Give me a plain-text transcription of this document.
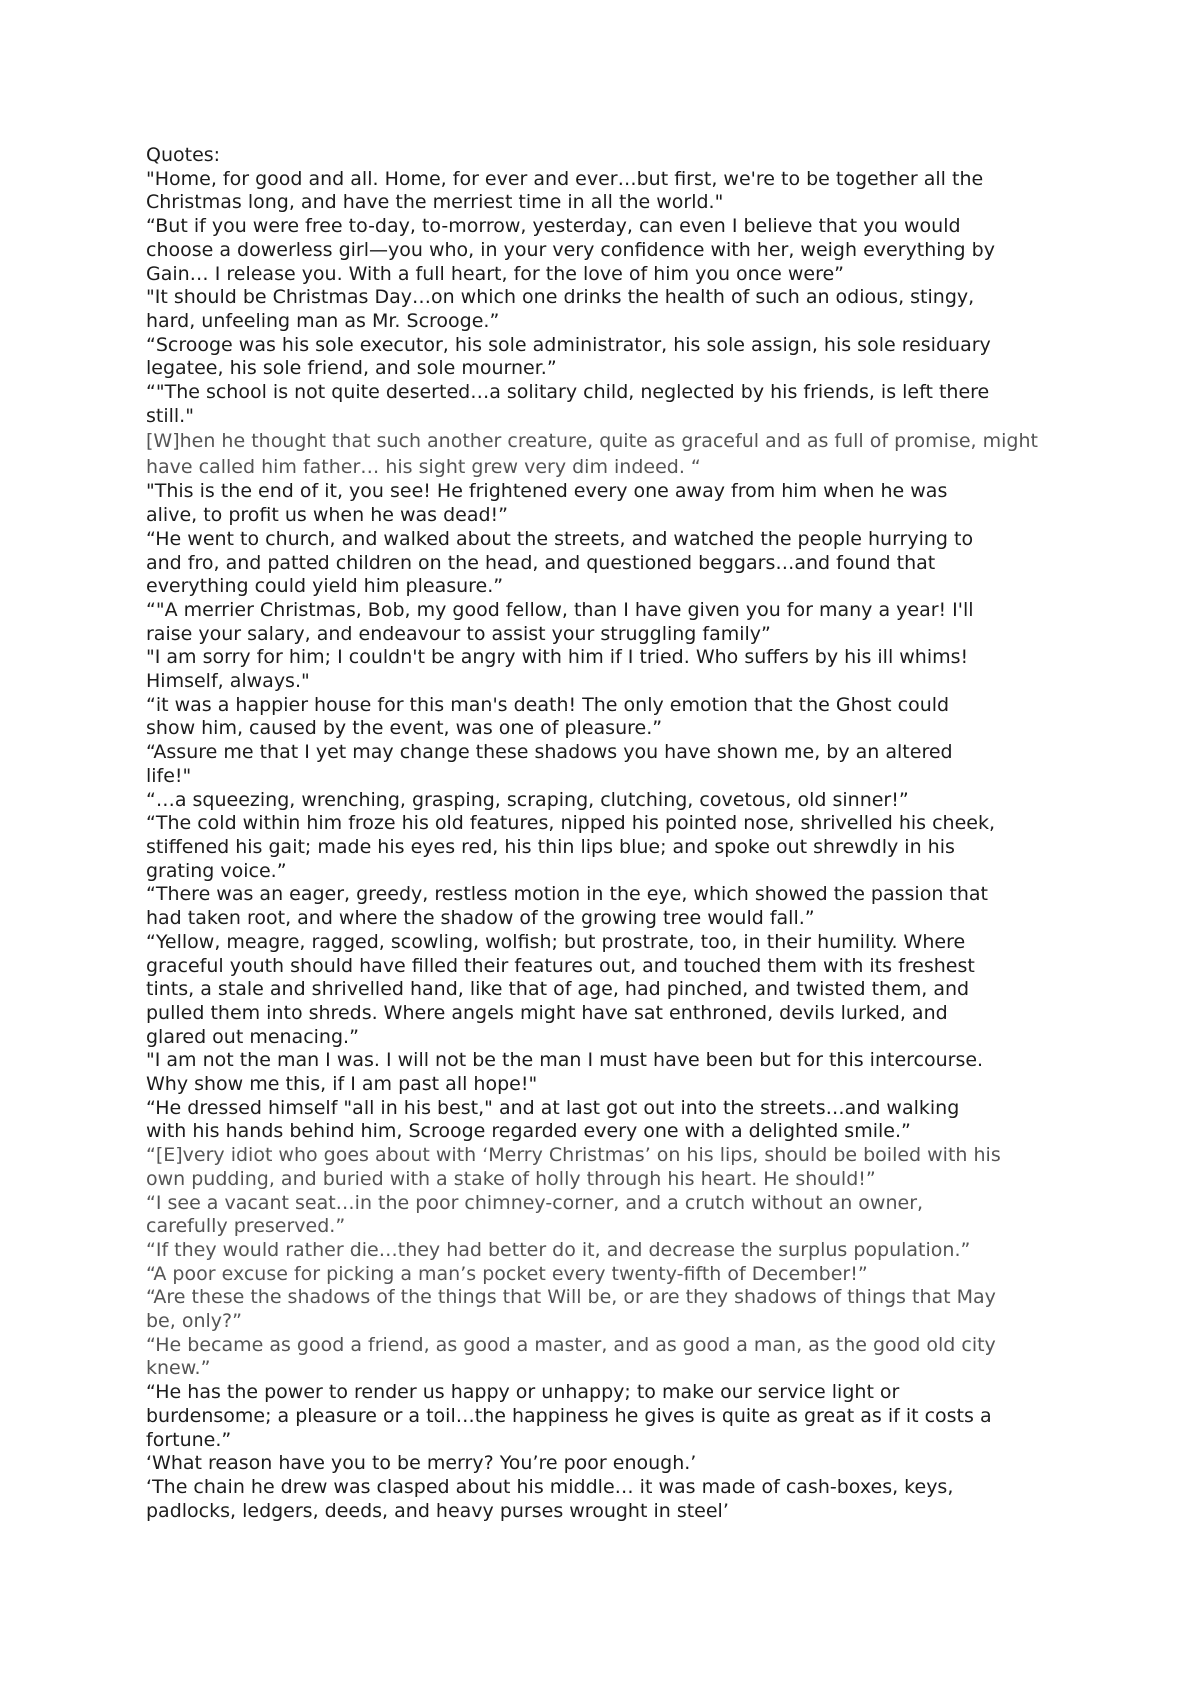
Quotes:
"Home, for good and all. Home, for ever and ever…but first, we're to be together all the
Christmas long, and have the merriest time in all the world."
“But if you were free to-day, to-morrow, yesterday, can even I believe that you would
choose a dowerless girl—you who, in your very confidence with her, weigh everything by
Gain… I release you. With a full heart, for the love of him you once were”
"It should be Christmas Day…on which one drinks the health of such an odious, stingy,
hard, unfeeling man as Mr. Scrooge.”
“Scrooge was his sole executor, his sole administrator, his sole assign, his sole residuary
legatee, his sole friend, and sole mourner.”
“"The school is not quite deserted…a solitary child, neglected by his friends, is left there
still."
[W]hen he thought that such another creature, quite as graceful and as full of promise, might
have called him father… his sight grew very dim indeed. “
"This is the end of it, you see! He frightened every one away from him when he was
alive, to profit us when he was dead!”
“He went to church, and walked about the streets, and watched the people hurrying to
and fro, and patted children on the head, and questioned beggars…and found that
everything could yield him pleasure.”
“"A merrier Christmas, Bob, my good fellow, than I have given you for many a year! I'll
raise your salary, and endeavour to assist your struggling family”
"I am sorry for him; I couldn't be angry with him if I tried. Who suffers by his ill whims!
Himself, always."
“it was a happier house for this man's death! The only emotion that the Ghost could
show him, caused by the event, was one of pleasure.”
“Assure me that I yet may change these shadows you have shown me, by an altered
life!"
“…a squeezing, wrenching, grasping, scraping, clutching, covetous, old sinner!”
“The cold within him froze his old features, nipped his pointed nose, shrivelled his cheek,
stiffened his gait; made his eyes red, his thin lips blue; and spoke out shrewdly in his
grating voice.”
“There was an eager, greedy, restless motion in the eye, which showed the passion that
had taken root, and where the shadow of the growing tree would fall.”
“Yellow, meagre, ragged, scowling, wolfish; but prostrate, too, in their humility. Where
graceful youth should have filled their features out, and touched them with its freshest
tints, a stale and shrivelled hand, like that of age, had pinched, and twisted them, and
pulled them into shreds. Where angels might have sat enthroned, devils lurked, and
glared out menacing.”
"I am not the man I was. I will not be the man I must have been but for this intercourse.
Why show me this, if I am past all hope!"
“He dressed himself "all in his best," and at last got out into the streets…and walking
with his hands behind him, Scrooge regarded every one with a delighted smile.”
“[E]very idiot who goes about with ‘Merry Christmas’ on his lips, should be boiled with his
own pudding, and buried with a stake of holly through his heart. He should!”
“I see a vacant seat…in the poor chimney-corner, and a crutch without an owner,
carefully preserved.”
“If they would rather die…they had better do it, and decrease the surplus population.”
“A poor excuse for picking a man’s pocket every twenty-fifth of December!”
“Are these the shadows of the things that Will be, or are they shadows of things that May
be, only?”
“He became as good a friend, as good a master, and as good a man, as the good old city
knew.”
“He has the power to render us happy or unhappy; to make our service light or
burdensome; a pleasure or a toil…the happiness he gives is quite as great as if it costs a
fortune.”
‘What reason have you to be merry? You’re poor enough.’
‘The chain he drew was clasped about his middle… it was made of cash-boxes, keys,
padlocks, ledgers, deeds, and heavy purses wrought in steel’
